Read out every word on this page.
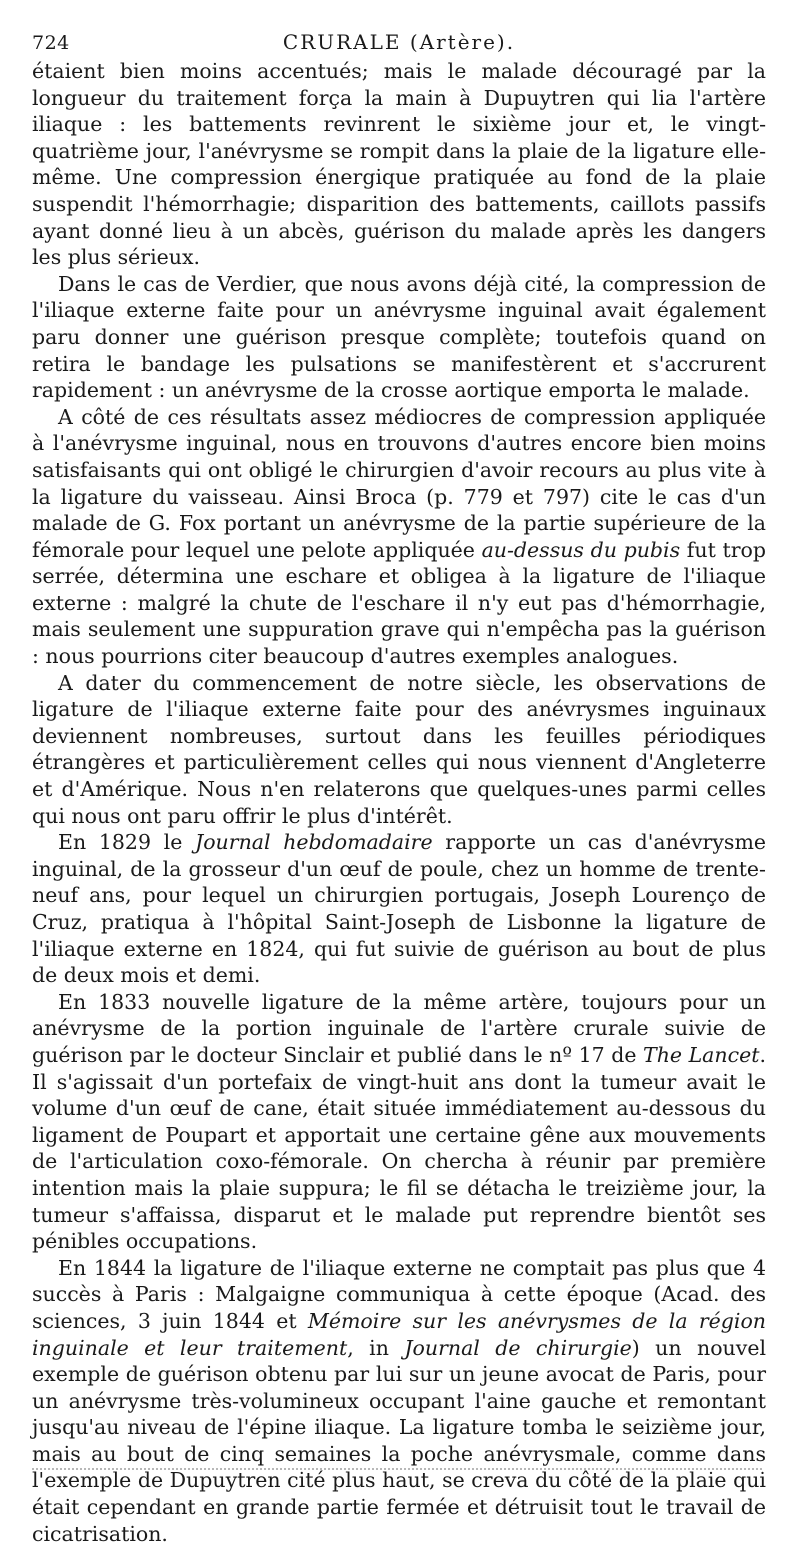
724	CRURALE (Artère).

étaient bien moins accentués; mais le malade découragé par la longueur du traitement força la main à Dupuytren qui lia l'artère iliaque : les battements revinrent le sixième jour et, le vingt-quatrième jour, l'anévrysme se rompit dans la plaie de la ligature elle-même. Une compression énergique pratiquée au fond de la plaie suspendit l'hémorrhagie; disparition des battements, caillots passifs ayant donné lieu à un abcès, guérison du malade après les dangers les plus sérieux.

Dans le cas de Verdier, que nous avons déjà cité, la compression de l'iliaque externe faite pour un anévrysme inguinal avait également paru donner une guérison presque complète; toutefois quand on retira le bandage les pulsations se manifestèrent et s'accrurent rapidement : un anévrysme de la crosse aortique emporta le malade.

A côté de ces résultats assez médiocres de compression appliquée à l'anévrysme inguinal, nous en trouvons d'autres encore bien moins satisfaisants qui ont obligé le chirurgien d'avoir recours au plus vite à la ligature du vaisseau. Ainsi Broca (p. 779 et 797) cite le cas d'un malade de G. Fox portant un anévrysme de la partie supérieure de la fémorale pour lequel une pelote appliquée au-dessus du pubis fut trop serrée, détermina une eschare et obligea à la ligature de l'iliaque externe : malgré la chute de l'eschare il n'y eut pas d'hémorrhagie, mais seulement une suppuration grave qui n'empêcha pas la guérison : nous pourrions citer beaucoup d'autres exemples analogues.

A dater du commencement de notre siècle, les observations de ligature de l'iliaque externe faite pour des anévrysmes inguinaux deviennent nombreuses, surtout dans les feuilles périodiques étrangères et particulièrement celles qui nous viennent d'Angleterre et d'Amérique. Nous n'en relaterons que quelques-unes parmi celles qui nous ont paru offrir le plus d'intérêt.

En 1829 le Journal hebdomadaire rapporte un cas d'anévrysme inguinal, de la grosseur d'un œuf de poule, chez un homme de trente-neuf ans, pour lequel un chirurgien portugais, Joseph Lourenço de Cruz, pratiqua à l'hôpital Saint-Joseph de Lisbonne la ligature de l'iliaque externe en 1824, qui fut suivie de guérison au bout de plus de deux mois et demi.

En 1833 nouvelle ligature de la même artère, toujours pour un anévrysme de la portion inguinale de l'artère crurale suivie de guérison par le docteur Sinclair et publié dans le nº 17 de The Lancet. Il s'agissait d'un portefaix de vingt-huit ans dont la tumeur avait le volume d'un œuf de cane, était située immédiatement au-dessous du ligament de Poupart et apportait une certaine gêne aux mouvements de l'articulation coxo-fémorale. On chercha à réunir par première intention mais la plaie suppura; le fil se détacha le treizième jour, la tumeur s'affaissa, disparut et le malade put reprendre bientôt ses pénibles occupations.

En 1844 la ligature de l'iliaque externe ne comptait pas plus que 4 succès à Paris : Malgaigne communiqua à cette époque (Acad. des sciences, 3 juin 1844 et Mémoire sur les anévrysmes de la région inguinale et leur traitement, in Journal de chirurgie) un nouvel exemple de guérison obtenu par lui sur un jeune avocat de Paris, pour un anévrysme très-volumineux occupant l'aine gauche et remontant jusqu'au niveau de l'épine iliaque. La ligature tomba le seizième jour, mais au bout de cinq semaines la poche anévrysmale, comme dans l'exemple de Dupuytren cité plus haut, se creva du côté de la plaie qui était cependant en grande partie fermée et détruisit tout le travail de cicatrisation.
